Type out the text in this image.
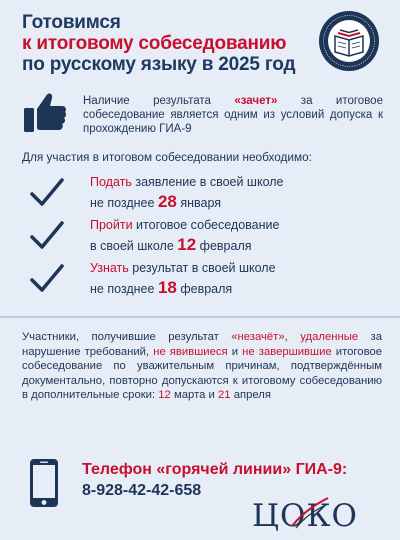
Готовимся
к итоговому собеседованию
по русскому языку в 2025 год
Наличие результата «зачет» за итоговое собеседование является одним из условий допуска к прохождению ГИА-9
Для участия в итоговом собеседовании необходимо:
Подать заявление в своей школе
не позднее 28 января
Пройти итоговое собеседование
в своей школе 12 февраля
Узнать результат в своей школе
не позднее 18 февраля
Участники, получившие результат «незачёт», удаленные за нарушение требований, не явившиеся и не завершившие итоговое собеседование по уважительным причинам, подтверждённым документально, повторно допускаются к итоговому собеседованию в дополнительные сроки: 12 марта и 21 апреля
Телефон «горячей линии» ГИА-9:
8-928-42-42-658
ЦОКО
